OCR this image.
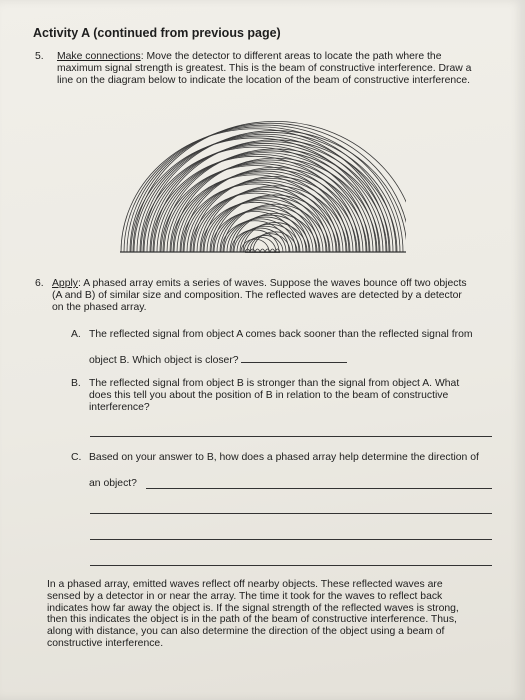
Activity A (continued from previous page)
5. Make connections: Move the detector to different areas to locate the path where the
maximum signal strength is greatest. This is the beam of constructive interference. Draw a
line on the diagram below to indicate the location of the beam of constructive interference.
6. Apply: A phased array emits a series of waves. Suppose the waves bounce off two objects
(A and B) of similar size and composition. The reflected waves are detected by a detector
on the phased array.
A. The reflected signal from object A comes back sooner than the reflected signal from
object B. Which object is closer?
B. The reflected signal from object B is stronger than the signal from object A. What
does this tell you about the position of B in relation to the beam of constructive
interference?
C. Based on your answer to B, how does a phased array help determine the direction of
an object?
In a phased array, emitted waves reflect off nearby objects. These reflected waves are
sensed by a detector in or near the array. The time it took for the waves to reflect back
indicates how far away the object is. If the signal strength of the reflected waves is strong,
then this indicates the object is in the path of the beam of constructive interference. Thus,
along with distance, you can also determine the direction of the object using a beam of
constructive interference.
